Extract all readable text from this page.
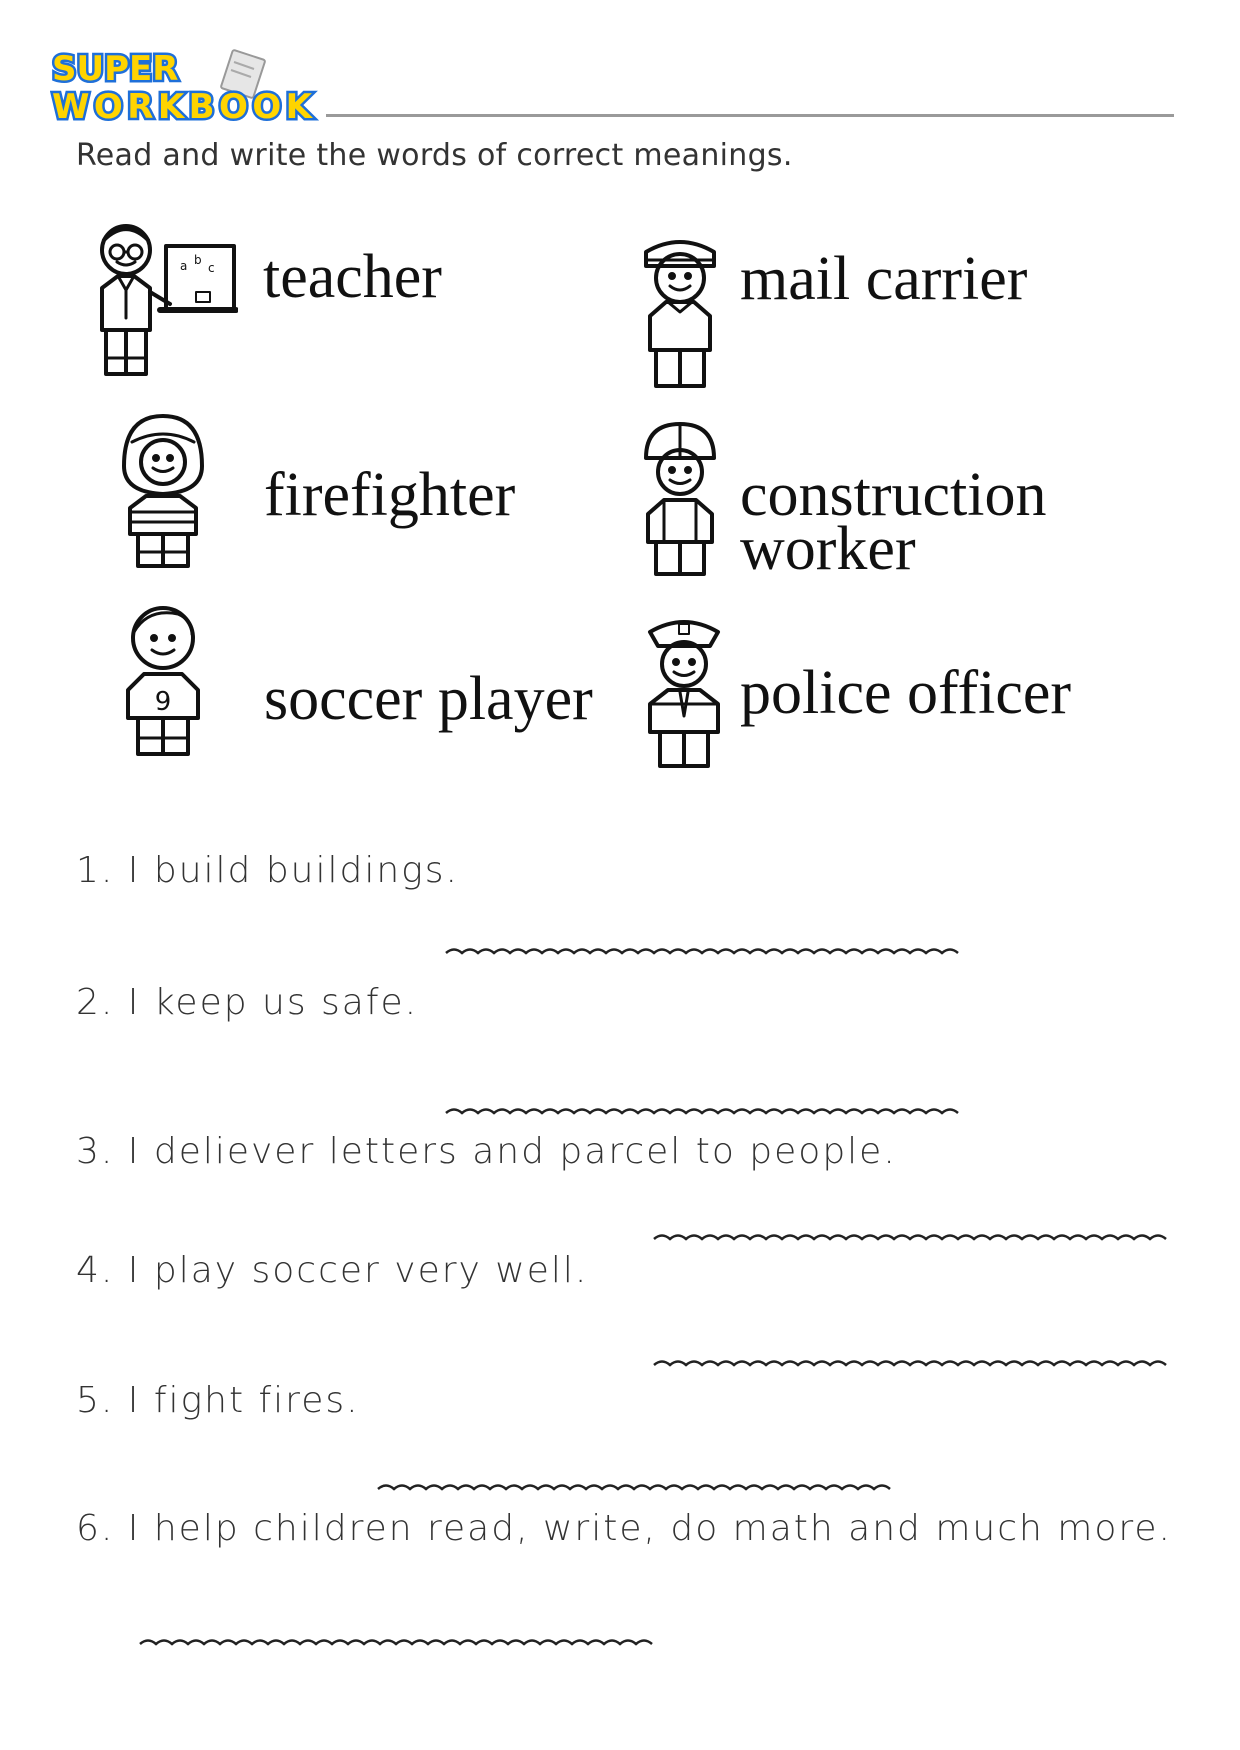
SUPER
WORKBOOK
Read and write the words of correct meanings.
a b
c teacher	mail carrier
firefighter	construction
worker
9 soccer player police officer
1. I build buildings.
2. I keep us safe.
3. I deliever letters and parcel to people.
4. I play soccer very well.
5. I fight fires.
6. I help children read, write, do math and much more.
